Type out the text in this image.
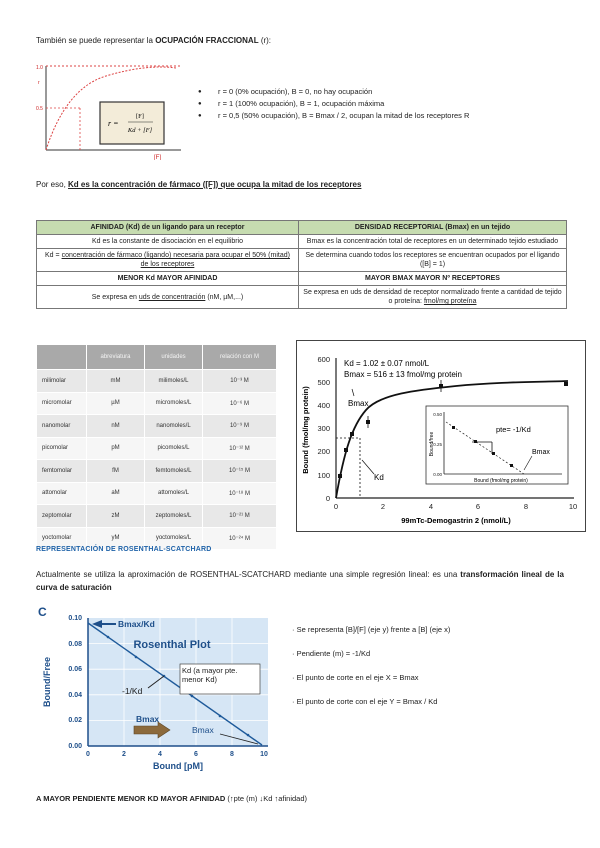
También se puede representar la OCUPACIÓN FRACCIONAL (r):
1.0
r
0.5
r =
[F]
Kd + [F]
[F]
● r = 0 (0% ocupación), B = 0, no hay ocupación
● r = 1 (100% ocupación), B = 1, ocupación máxima
● r = 0,5 (50% ocupación), B = Bmax / 2, ocupan la mitad de los receptores R
Por eso, Kd es la concentración de fármaco ([F]) que ocupa la mitad de los receptores
AFINIDAD (Kd) de un ligando para un receptor	DENSIDAD RECEPTORIAL (Bmax) en un tejido
Kd es la constante de disociación en el equilibrio	Bmax es la concentración total de receptores en un determinado tejido estudiado
Kd = concentración de fármaco (ligando) necesaria para ocupar el 50% (mitad) de los receptores	Se determina cuando todos los receptores se encuentran ocupados por el ligando ([B] = 1)
MENOR Kd MAYOR AFINIDAD	MAYOR BMAX MAYOR Nº RECEPTORES
Se expresa en uds de concentración (nM, µM,...)	Se expresa en uds de densidad de receptor normalizado frente a cantidad de tejido o proteína: fmol/mg proteína
	abreviatura	unidades	relación con M
milimolar	mM	milimoles/L	10⁻³ M
micromolar	µM	micromoles/L	10⁻⁶ M
nanomolar	nM	nanomoles/L	10⁻⁹ M
picomolar	pM	picomoles/L	10⁻¹² M
femtomolar	fM	femtomoles/L	10⁻¹⁵ M
attomolar	aM	attomoles/L	10⁻¹⁸ M
zeptomolar	zM	zeptomoles/L	10⁻²¹ M
yoctomolar	yM	yoctomoles/L	10⁻²⁴ M
0
100
200
300
400
500
600
0	2	4	6	8	10
Bound (fmol/mg protein)
99mTc-Demogastrin 2 (nmol/L)
Kd = 1.02 ± 0.07 nmol/L
Bmax = 516 ± 13 fmol/mg protein
Bmax
Kd
pte= -1/Kd
Bmax
Bound/free
Bound (fmol/mg protein)
0.00
0.25
0.50
REPRESENTACIÓN DE ROSENTHAL-SCATCHARD
Actualmente se utiliza la aproximación de ROSENTHAL-SCATCHARD mediante una simple regresión lineal: es una transformación lineal de la curva de saturación
C
0.00
0.02
0.04
0.06
0.08
0.10
0	2	4	6	8	10
Bound/Free
Bound [pM]
Rosenthal Plot
Bmax/Kd
-1/Kd
Kd (a mayor pte. menor Kd)
Bmax
Bmax
· Se representa [B]/[F] (eje y) frente a [B] (eje x)
· Pendiente (m) = -1/Kd
· El punto de corte en el eje X = Bmax
· El punto de corte con el eje Y = Bmax / Kd
A MAYOR PENDIENTE MENOR KD MAYOR AFINIDAD (↑pte (m) ↓Kd ↑afinidad)
